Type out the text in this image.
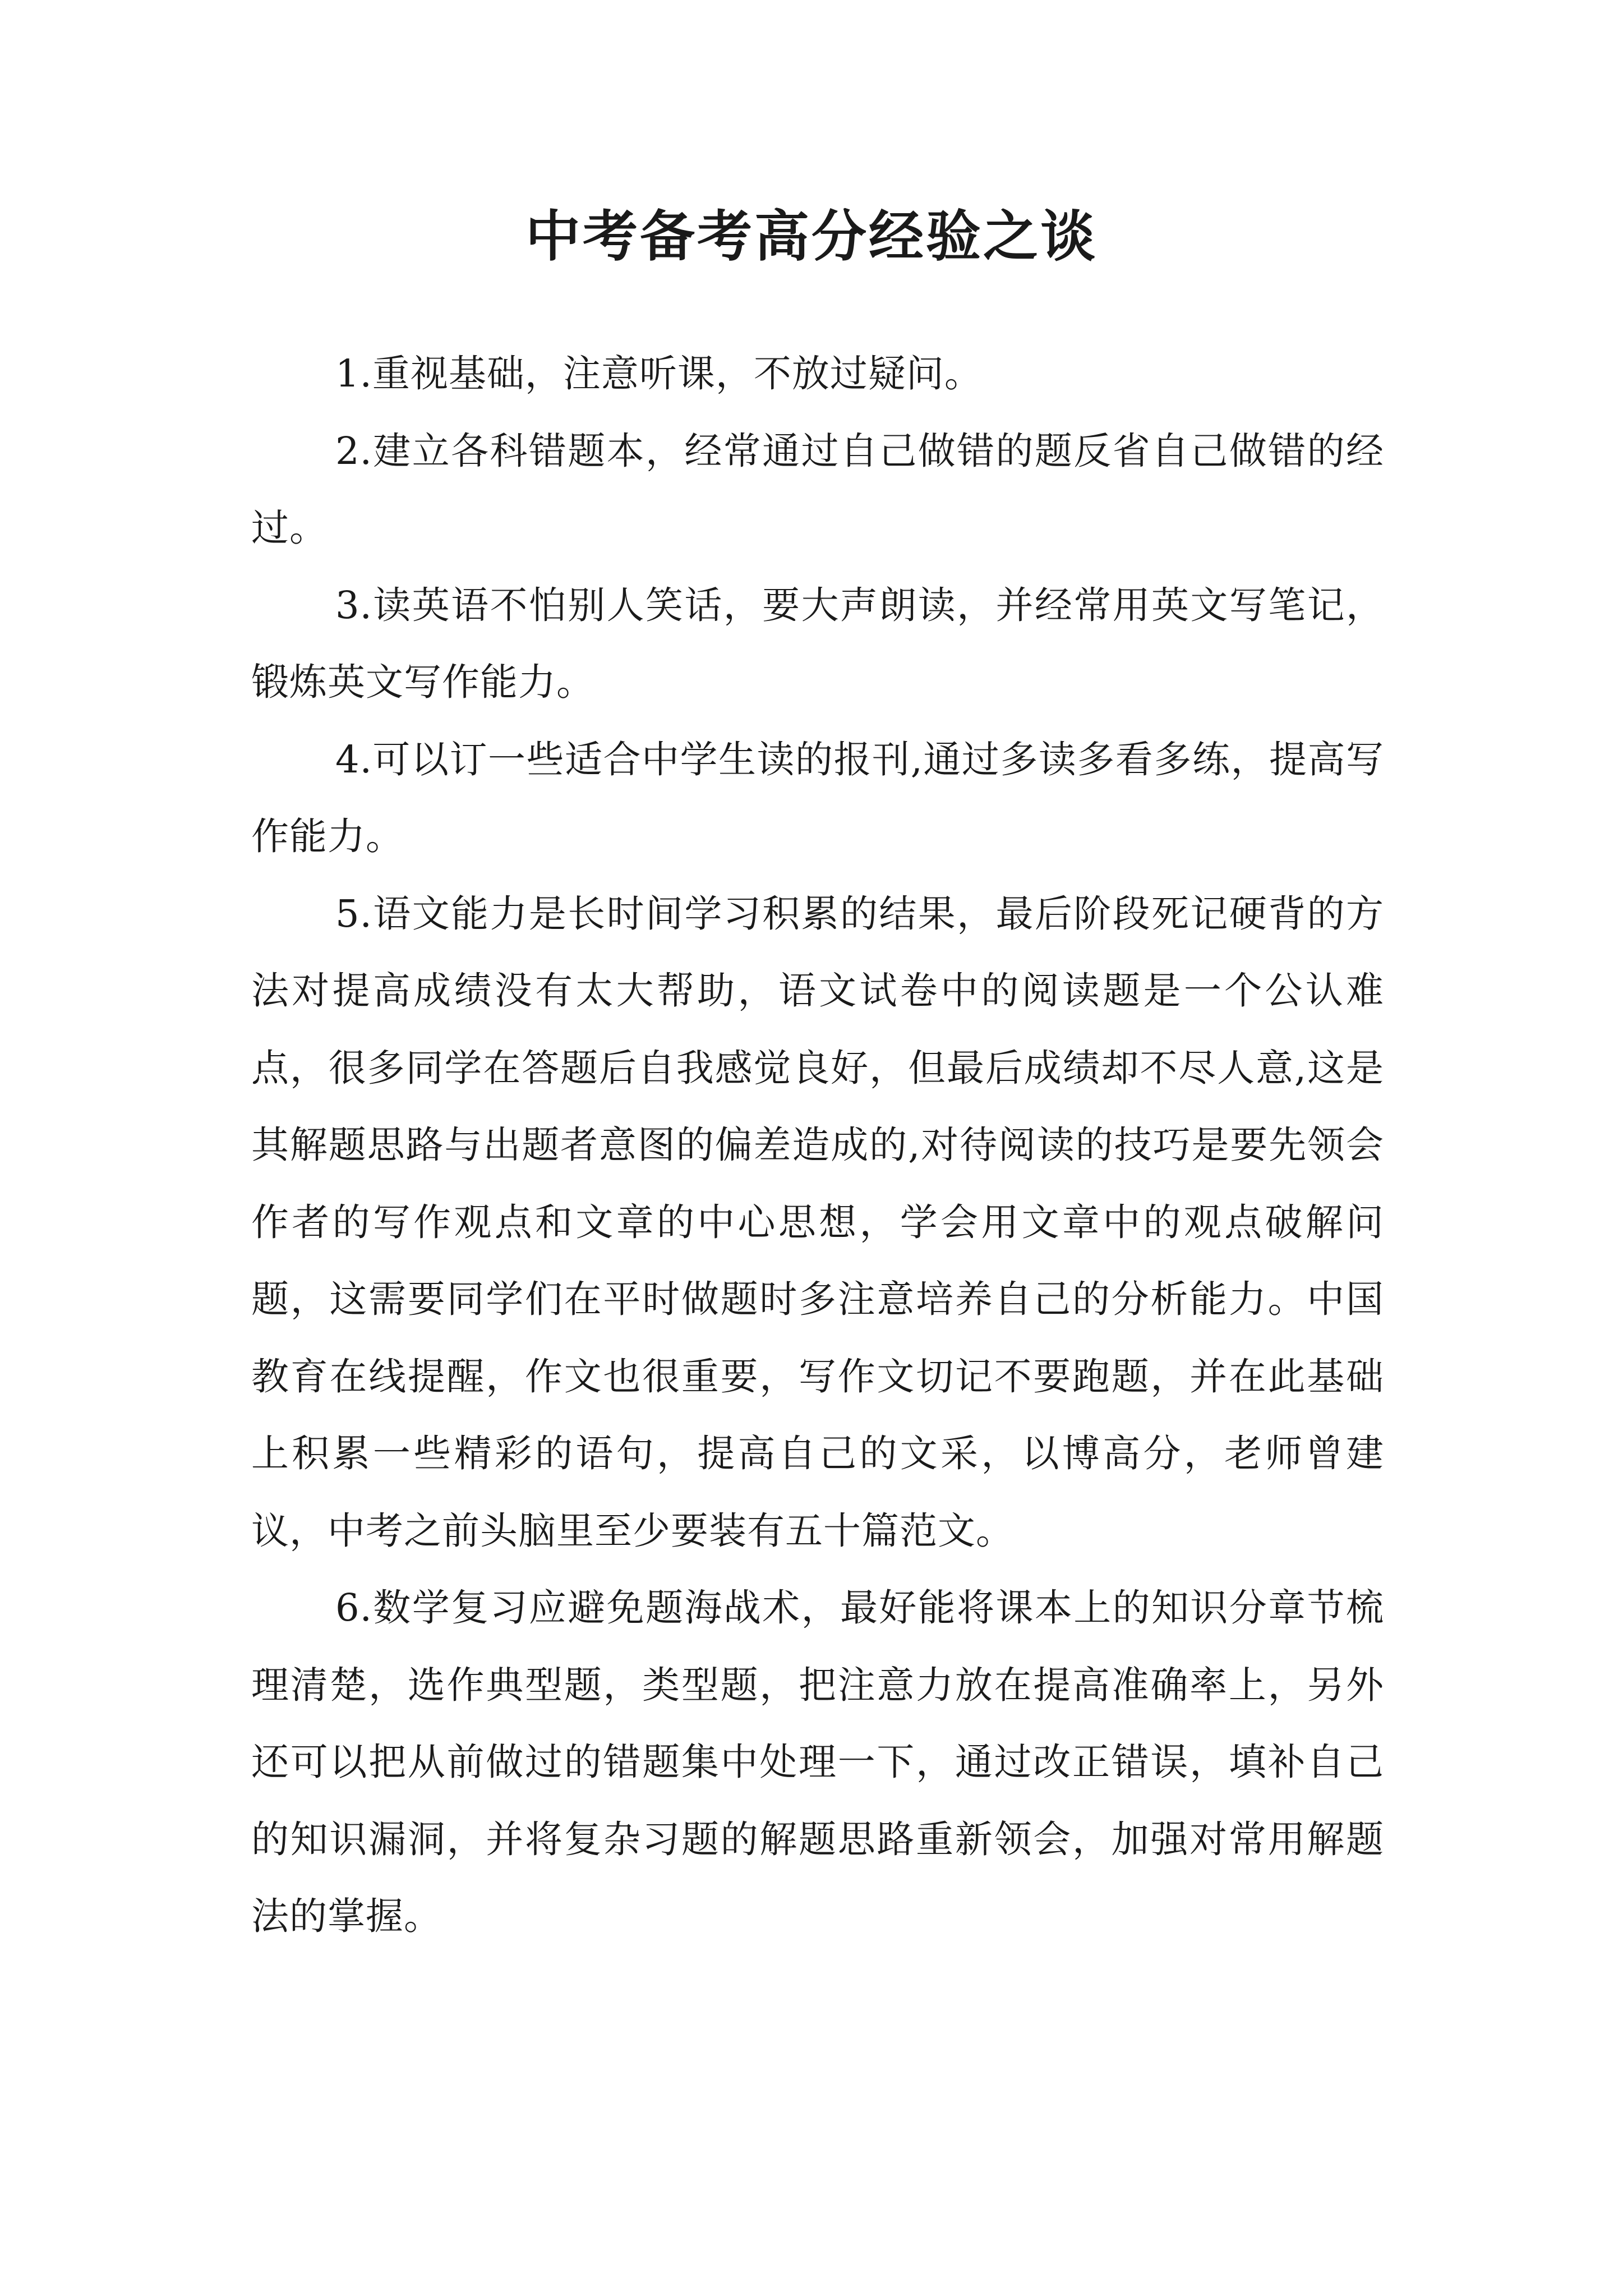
中考备考高分经验之谈

1.重视基础，注意听课，不放过疑问。

2.建立各科错题本，经常通过自己做错的题反省自己做错的经过。

3.读英语不怕别人笑话，要大声朗读，并经常用英文写笔记，锻炼英文写作能力。

4.可以订一些适合中学生读的报刊,通过多读多看多练，提高写作能力。

5.语文能力是长时间学习积累的结果，最后阶段死记硬背的方法对提高成绩没有太大帮助，语文试卷中的阅读题是一个公认难点，很多同学在答题后自我感觉良好，但最后成绩却不尽人意,这是其解题思路与出题者意图的偏差造成的,对待阅读的技巧是要先领会作者的写作观点和文章的中心思想，学会用文章中的观点破解问题，这需要同学们在平时做题时多注意培养自己的分析能力。中国教育在线提醒，作文也很重要，写作文切记不要跑题，并在此基础上积累一些精彩的语句，提高自己的文采，以博高分，老师曾建议，中考之前头脑里至少要装有五十篇范文。

6.数学复习应避免题海战术，最好能将课本上的知识分章节梳理清楚，选作典型题，类型题，把注意力放在提高准确率上，另外还可以把从前做过的错题集中处理一下，通过改正错误，填补自己的知识漏洞，并将复杂习题的解题思路重新领会，加强对常用解题法的掌握。
